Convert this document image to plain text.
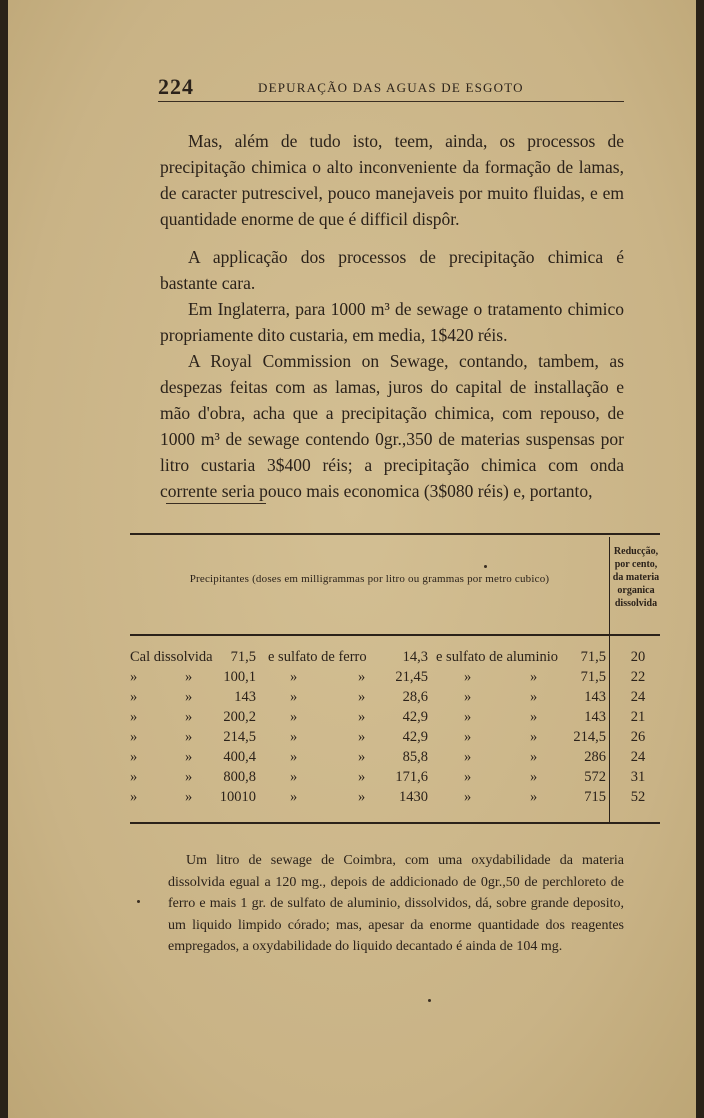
224	DEPURAÇÃO DAS AGUAS DE ESGOTO

Mas, além de tudo isto, teem, ainda, os processos de precipitação chimica o alto inconveniente da formação de lamas, de caracter putrescivel, pouco manejaveis por muito fluidas, e em quantidade enorme de que é difficil dispôr.

A applicação dos processos de precipitação chimica é bastante cara.

Em Inglaterra, para 1000 m³ de sewage o tratamento chimico propriamente dito custaria, em media, 1$420 réis.

A Royal Commission on Sewage, contando, tambem, as despezas feitas com as lamas, juros do capital de installação e mão d'obra, acha que a precipitação chimica, com repouso, de 1000 m³ de sewage contendo 0gr.,350 de materias suspensas por litro custaria 3$400 réis; a precipitação chimica com onda corrente seria pouco mais economica (3$080 réis) e, portanto,

Precipitantes (doses em milligrammas por litro ou grammas por metro cubico)
Reducção, por cento, da materia organica dissolvida
Cal dissolvida	71,5 e sulfato de ferro	14,3 e sulfato de aluminio	71,5	20
»	»	100,1 »	»	21,45 »	»	71,5	22
»	»	143 »	»	28,6 »	»	143	24
»	»	200,2 »	»	42,9 »	»	143	21
»	»	214,5 »	»	42,9 »	»	214,5	26
»	»	400,4 »	»	85,8 »	»	286	24
»	»	800,8 »	»	171,6 »	»	572	31
»	»	10010 »	»	1430 »	»	715	52

Um litro de sewage de Coimbra, com uma oxydabilidade da materia dissolvida egual a 120 mg., depois de addicionado de 0gr.,50 de perchloreto de ferro e mais 1 gr. de sulfato de aluminio, dissolvidos, dá, sobre grande deposito, um liquido limpido córado; mas, apesar da enorme quantidade dos reagentes empregados, a oxydabilidade do liquido decantado é ainda de 104 mg.
